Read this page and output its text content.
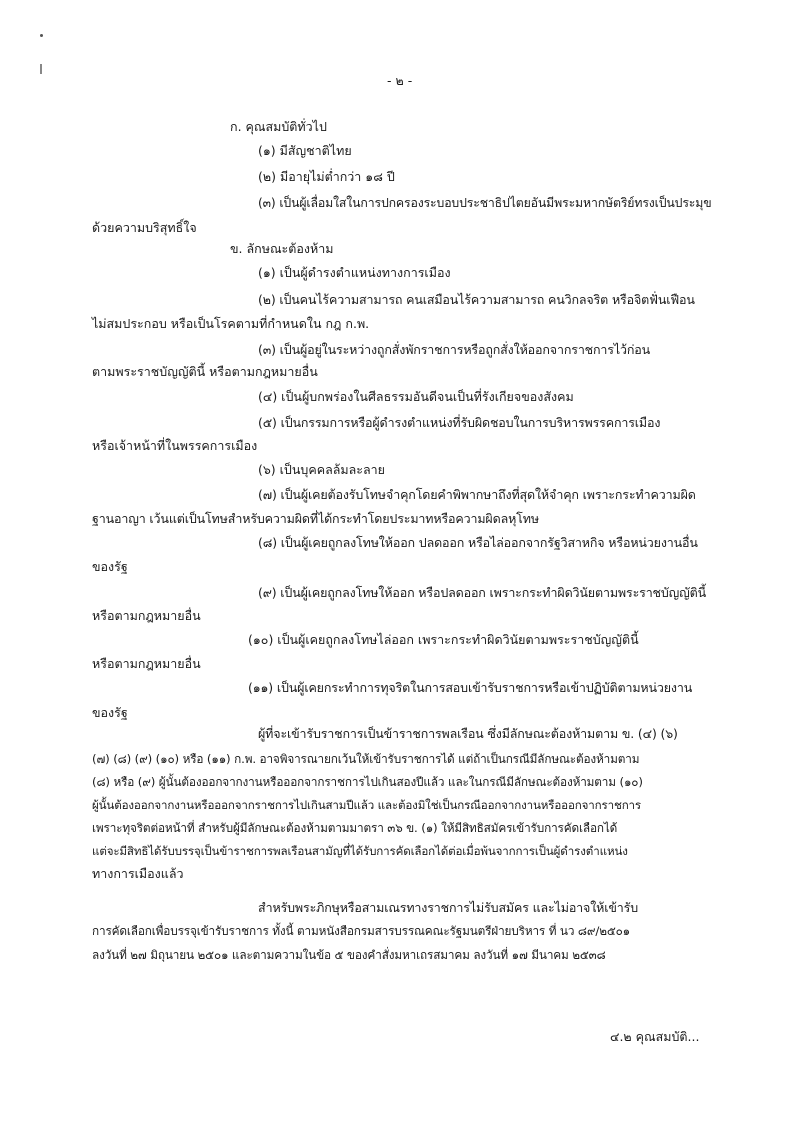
- ๒ -
ก. คุณสมบัติทั่วไป
(๑) มีสัญชาติไทย
(๒) มีอายุไม่ต่ำกว่า ๑๘ ปี
(๓) เป็นผู้เลื่อมใสในการปกครองระบอบประชาธิปไตยอันมีพระมหากษัตริย์ทรงเป็นประมุข
ด้วยความบริสุทธิ์ใจ
ข. ลักษณะต้องห้าม
(๑) เป็นผู้ดำรงตำแหน่งทางการเมือง
(๒) เป็นคนไร้ความสามารถ คนเสมือนไร้ความสามารถ คนวิกลจริต หรือจิตฟั่นเฟือน
ไม่สมประกอบ หรือเป็นโรคตามที่กำหนดใน กฎ ก.พ.
(๓) เป็นผู้อยู่ในระหว่างถูกสั่งพักราชการหรือถูกสั่งให้ออกจากราชการไว้ก่อน
ตามพระราชบัญญัตินี้ หรือตามกฎหมายอื่น
(๔) เป็นผู้บกพร่องในศีลธรรมอันดีจนเป็นที่รังเกียจของสังคม
(๕) เป็นกรรมการหรือผู้ดำรงตำแหน่งที่รับผิดชอบในการบริหารพรรคการเมือง
หรือเจ้าหน้าที่ในพรรคการเมือง
(๖) เป็นบุคคลล้มละลาย
(๗) เป็นผู้เคยต้องรับโทษจำคุกโดยคำพิพากษาถึงที่สุดให้จำคุก เพราะกระทำความผิด
ฐานอาญา เว้นแต่เป็นโทษสำหรับความผิดที่ได้กระทำโดยประมาทหรือความผิดลหุโทษ
(๘) เป็นผู้เคยถูกลงโทษให้ออก ปลดออก หรือไล่ออกจากรัฐวิสาหกิจ หรือหน่วยงานอื่น
ของรัฐ
(๙) เป็นผู้เคยถูกลงโทษให้ออก หรือปลดออก เพราะกระทำผิดวินัยตามพระราชบัญญัตินี้
หรือตามกฎหมายอื่น
(๑๐) เป็นผู้เคยถูกลงโทษไล่ออก เพราะกระทำผิดวินัยตามพระราชบัญญัตินี้
หรือตามกฎหมายอื่น
(๑๑) เป็นผู้เคยกระทำการทุจริตในการสอบเข้ารับราชการหรือเข้าปฏิบัติตามหน่วยงาน
ของรัฐ
ผู้ที่จะเข้ารับราชการเป็นข้าราชการพลเรือน ซึ่งมีลักษณะต้องห้ามตาม ข. (๔) (๖)
(๗) (๘) (๙) (๑๐) หรือ (๑๑) ก.พ. อาจพิจารณายกเว้นให้เข้ารับราชการได้ แต่ถ้าเป็นกรณีมีลักษณะต้องห้ามตาม
(๘) หรือ (๙) ผู้นั้นต้องออกจากงานหรือออกจากราชการไปเกินสองปีแล้ว และในกรณีมีลักษณะต้องห้ามตาม (๑๐)
ผู้นั้นต้องออกจากงานหรือออกจากราชการไปเกินสามปีแล้ว และต้องมิใช่เป็นกรณีออกจากงานหรือออกจากราชการ
เพราะทุจริตต่อหน้าที่ สำหรับผู้มีลักษณะต้องห้ามตามมาตรา ๓๖ ข. (๑) ให้มีสิทธิสมัครเข้ารับการคัดเลือกได้
แต่จะมีสิทธิได้รับบรรจุเป็นข้าราชการพลเรือนสามัญที่ได้รับการคัดเลือกได้ต่อเมื่อพ้นจากการเป็นผู้ดำรงตำแหน่ง
ทางการเมืองแล้ว
สำหรับพระภิกษุหรือสามเณรทางราชการไม่รับสมัคร และไม่อาจให้เข้ารับ
การคัดเลือกเพื่อบรรจุเข้ารับราชการ ทั้งนี้ ตามหนังสือกรมสารบรรณคณะรัฐมนตรีฝ่ายบริหาร ที่ นว ๘๙/๒๕๐๑
ลงวันที่ ๒๗ มิถุนายน ๒๕๐๑ และตามความในข้อ ๕ ของคำสั่งมหาเถรสมาคม ลงวันที่ ๑๗ มีนาคม ๒๕๓๘
๔.๒ คุณสมบัติ...
